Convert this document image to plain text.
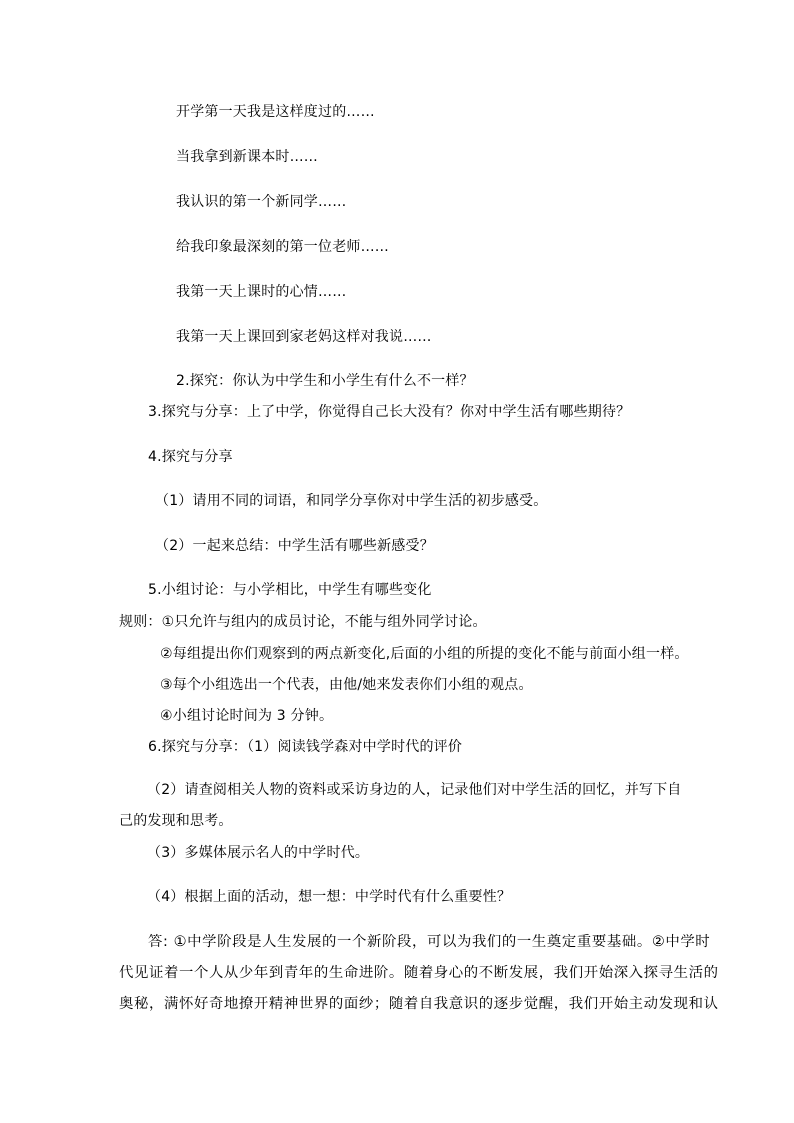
开学第一天我是这样度过的……
当我拿到新课本时……
我认识的第一个新同学……
给我印象最深刻的第一位老师……
我第一天上课时的心情……
我第一天上课回到家老妈这样对我说……
2.探究：你认为中学生和小学生有什么不一样？
3.探究与分享：上了中学，你觉得自己长大没有？你对中学生活有哪些期待？
4.探究与分享
（1）请用不同的词语，和同学分享你对中学生活的初步感受。
（2）一起来总结：中学生活有哪些新感受？
5.小组讨论：与小学相比，中学生有哪些变化
规则：①只允许与组内的成员讨论，不能与组外同学讨论。
②每组提出你们观察到的两点新变化,后面的小组的所提的变化不能与前面小组一样。
③每个小组选出一个代表，由他/她来发表你们小组的观点。
④小组讨论时间为 3 分钟。
6.探究与分享：（1）阅读钱学森对中学时代的评价
（2）请查阅相关人物的资料或采访身边的人，记录他们对中学生活的回忆，并写下自
己的发现和思考。
（3）多媒体展示名人的中学时代。
（4）根据上面的活动，想一想：中学时代有什么重要性？
答: ①中学阶段是人生发展的一个新阶段，可以为我们的一生奠定重要基础。②中学时
代见证着一个人从少年到青年的生命进阶。随着身心的不断发展，我们开始深入探寻生活的
奥秘，满怀好奇地撩开精神世界的面纱；随着自我意识的逐步觉醒，我们开始主动发现和认
